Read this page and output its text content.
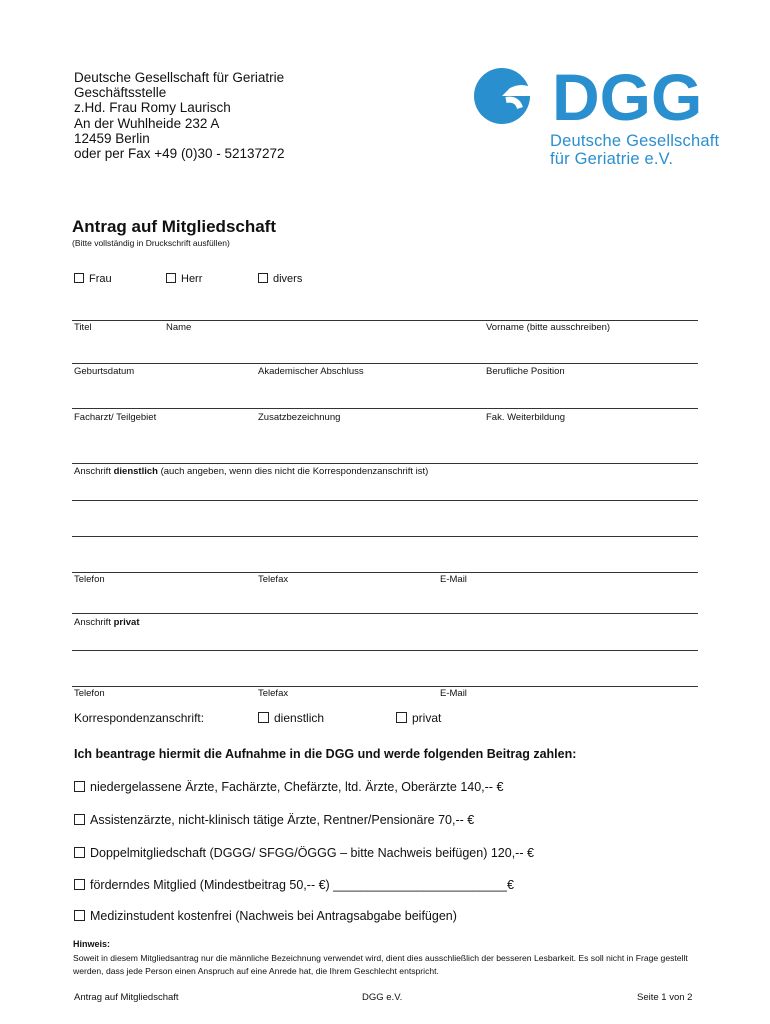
Deutsche Gesellschaft für Geriatrie
Geschäftsstelle
z.Hd. Frau Romy Laurisch
An der Wuhlheide 232 A
12459 Berlin
oder per Fax +49 (0)30 - 52137272
DGG
Deutsche Gesellschaft
für Geriatrie e.V.
Antrag auf Mitgliedschaft
(Bitte vollständig in Druckschrift ausfüllen)
Frau	Herr	divers
Titel	Name	Vorname (bitte ausschreiben)
Geburtsdatum	Akademischer Abschluss	Berufliche Position
Facharzt/ Teilgebiet	Zusatzbezeichnung	Fak. Weiterbildung
Anschrift dienstlich (auch angeben, wenn dies nicht die Korrespondenzanschrift ist)
Telefon	Telefax	E-Mail
Anschrift privat
Telefon	Telefax	E-Mail
Korrespondenzanschrift:	dienstlich	privat
Ich beantrage hiermit die Aufnahme in die DGG und werde folgenden Beitrag zahlen:
niedergelassene Ärzte, Fachärzte, Chefärzte, ltd. Ärzte, Oberärzte 140,-- €
Assistenzärzte, nicht-klinisch tätige Ärzte, Rentner/Pensionäre 70,-- €
Doppelmitgliedschaft (DGGG/ SFGG/ÖGGG – bitte Nachweis beifügen) 120,-- €
förderndes Mitglied (Mindestbeitrag 50,-- €) _________________________€
Medizinstudent kostenfrei (Nachweis bei Antragsabgabe beifügen)
Hinweis:
Soweit in diesem Mitgliedsantrag nur die männliche Bezeichnung verwendet wird, dient dies ausschließlich der besseren Lesbarkeit. Es soll nicht in Frage gestellt werden, dass jede Person einen Anspruch auf eine Anrede hat, die Ihrem Geschlecht entspricht.
Antrag auf Mitgliedschaft	DGG e.V.	Seite 1 von 2
